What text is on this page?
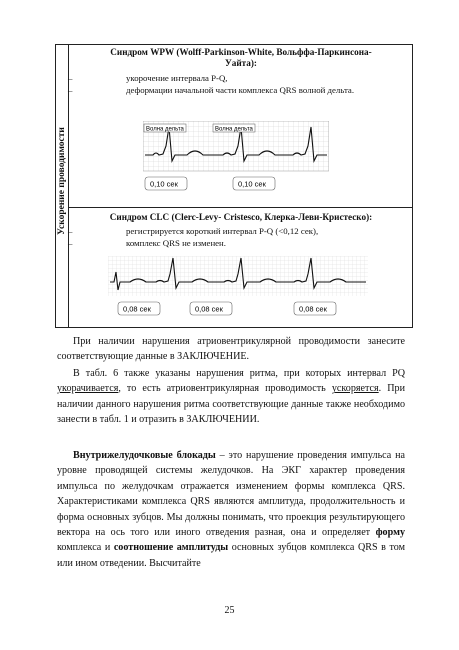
Ускорение проводимости
Синдром WPW (Wolff-Parkinson-White, Вольффа-Паркинсона-
Уайта):
–	укорочение интервала P-Q,
–	деформации начальной части комплекса QRS волной дельта.
Волна дельта	Волна дельта
0,10 сек	0,10 сек
Синдром CLC (Clerc-Levy- Cristesco, Клерка-Леви-Кристеско):
–	регистрируется короткий интервал P-Q (<0,12 сек),
–	комплекс QRS не изменен.
0,08 сек	0,08 сек	0,08 сек
При наличии нарушения атриовентрикулярной проводимости занесите соответствующие данные в ЗАКЛЮЧЕНИЕ.
В табл. 6 также указаны нарушения ритма, при которых интервал PQ укорачивается, то есть атриовентрикулярная проводимость ускоряется. При наличии данного нарушения ритма соответствующие данные также необходимо занести в табл. 1 и отразить в ЗАКЛЮЧЕНИИ.
Внутрижелудочковые блокады – это нарушение проведения импульса на уровне проводящей системы желудочков. На ЭКГ характер проведения импульса по желудочкам отражается изменением формы комплекса QRS. Характеристиками комплекса QRS являются амплитуда, продолжительность и форма основных зубцов. Мы должны понимать, что проекция результирующего вектора на ось того или иного отведения разная, она и определяет форму комплекса и соотношение амплитуды основных зубцов комплекса QRS в том или ином отведении. Высчитайте
25
